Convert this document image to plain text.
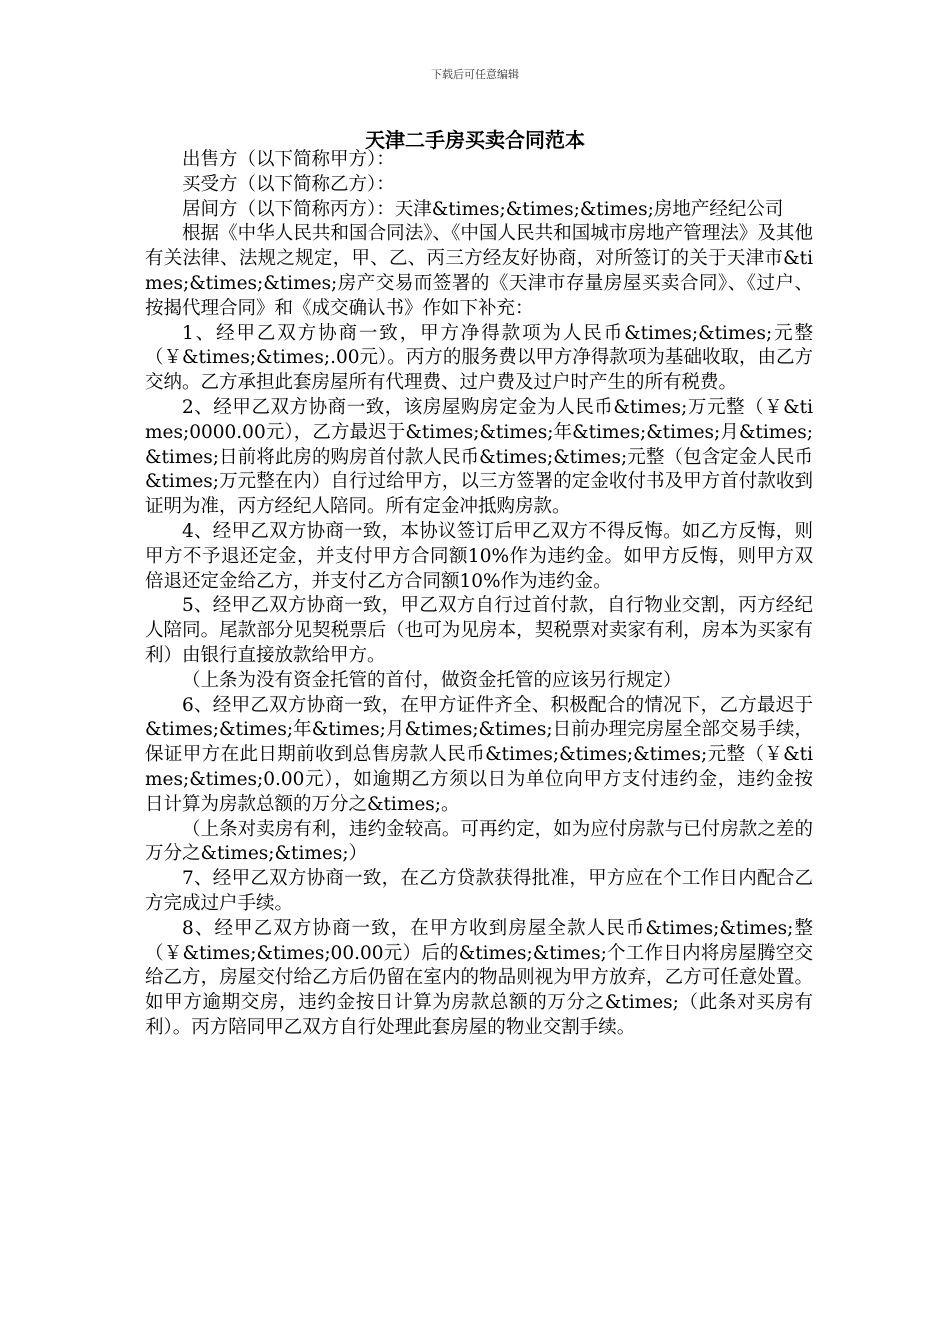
下载后可任意编辑
天津二手房买卖合同范本

出售方（以下简称甲方）：

买受方（以下简称乙方）：

居间方（以下简称丙方）：天津&times;&times;&times;房地产经纪公司

根据《中华人民共和国合同法》、《中国人民共和国城市房地产管理法》及其他有关法律、法规之规定，甲、乙、丙三方经友好协商，对所签订的关于天津市&times;&times;&times;房产交易而签署的《天津市存量房屋买卖合同》、《过户、按揭代理合同》和《成交确认书》作如下补充：

1、经甲乙双方协商一致，甲方净得款项为人民币&times;&times;元整（￥&times;&times;.00元）。丙方的服务费以甲方净得款项为基础收取，由乙方交纳。乙方承担此套房屋所有代理费、过户费及过户时产生的所有税费。

2、经甲乙双方协商一致，该房屋购房定金为人民币&times;万元整（￥&times;0000.00元），乙方最迟于&times;&times;年&times;&times;月&times;&times;日前将此房的购房首付款人民币&times;&times;元整（包含定金人民币&times;万元整在内）自行过给甲方，以三方签署的定金收付书及甲方首付款收到证明为准，丙方经纪人陪同。所有定金冲抵购房款。

4、经甲乙双方协商一致，本协议签订后甲乙双方不得反悔。如乙方反悔，则甲方不予退还定金，并支付甲方合同额10%作为违约金。如甲方反悔，则甲方双倍退还定金给乙方，并支付乙方合同额10%作为违约金。

5、经甲乙双方协商一致，甲乙双方自行过首付款，自行物业交割，丙方经纪人陪同。尾款部分见契税票后（也可为见房本，契税票对卖家有利，房本为买家有利）由银行直接放款给甲方。

（上条为没有资金托管的首付，做资金托管的应该另行规定）

6、经甲乙双方协商一致，在甲方证件齐全、积极配合的情况下，乙方最迟于&times;&times;年&times;月&times;&times;日前办理完房屋全部交易手续，保证甲方在此日期前收到总售房款人民币&times;&times;&times;元整（￥&times;&times;0.00元），如逾期乙方须以日为单位向甲方支付违约金，违约金按日计算为房款总额的万分之&times;。

（上条对卖房有利，违约金较高。可再约定，如为应付房款与已付房款之差的万分之&times;&times;）

7、经甲乙双方协商一致，在乙方贷款获得批准，甲方应在个工作日内配合乙方完成过户手续。

8、经甲乙双方协商一致，在甲方收到房屋全款人民币&times;&times;整（￥&times;&times;00.00元）后的&times;&times;个工作日内将房屋腾空交给乙方，房屋交付给乙方后仍留在室内的物品则视为甲方放弃，乙方可任意处置。如甲方逾期交房，违约金按日计算为房款总额的万分之&times;（此条对买房有利）。丙方陪同甲乙双方自行处理此套房屋的物业交割手续。
